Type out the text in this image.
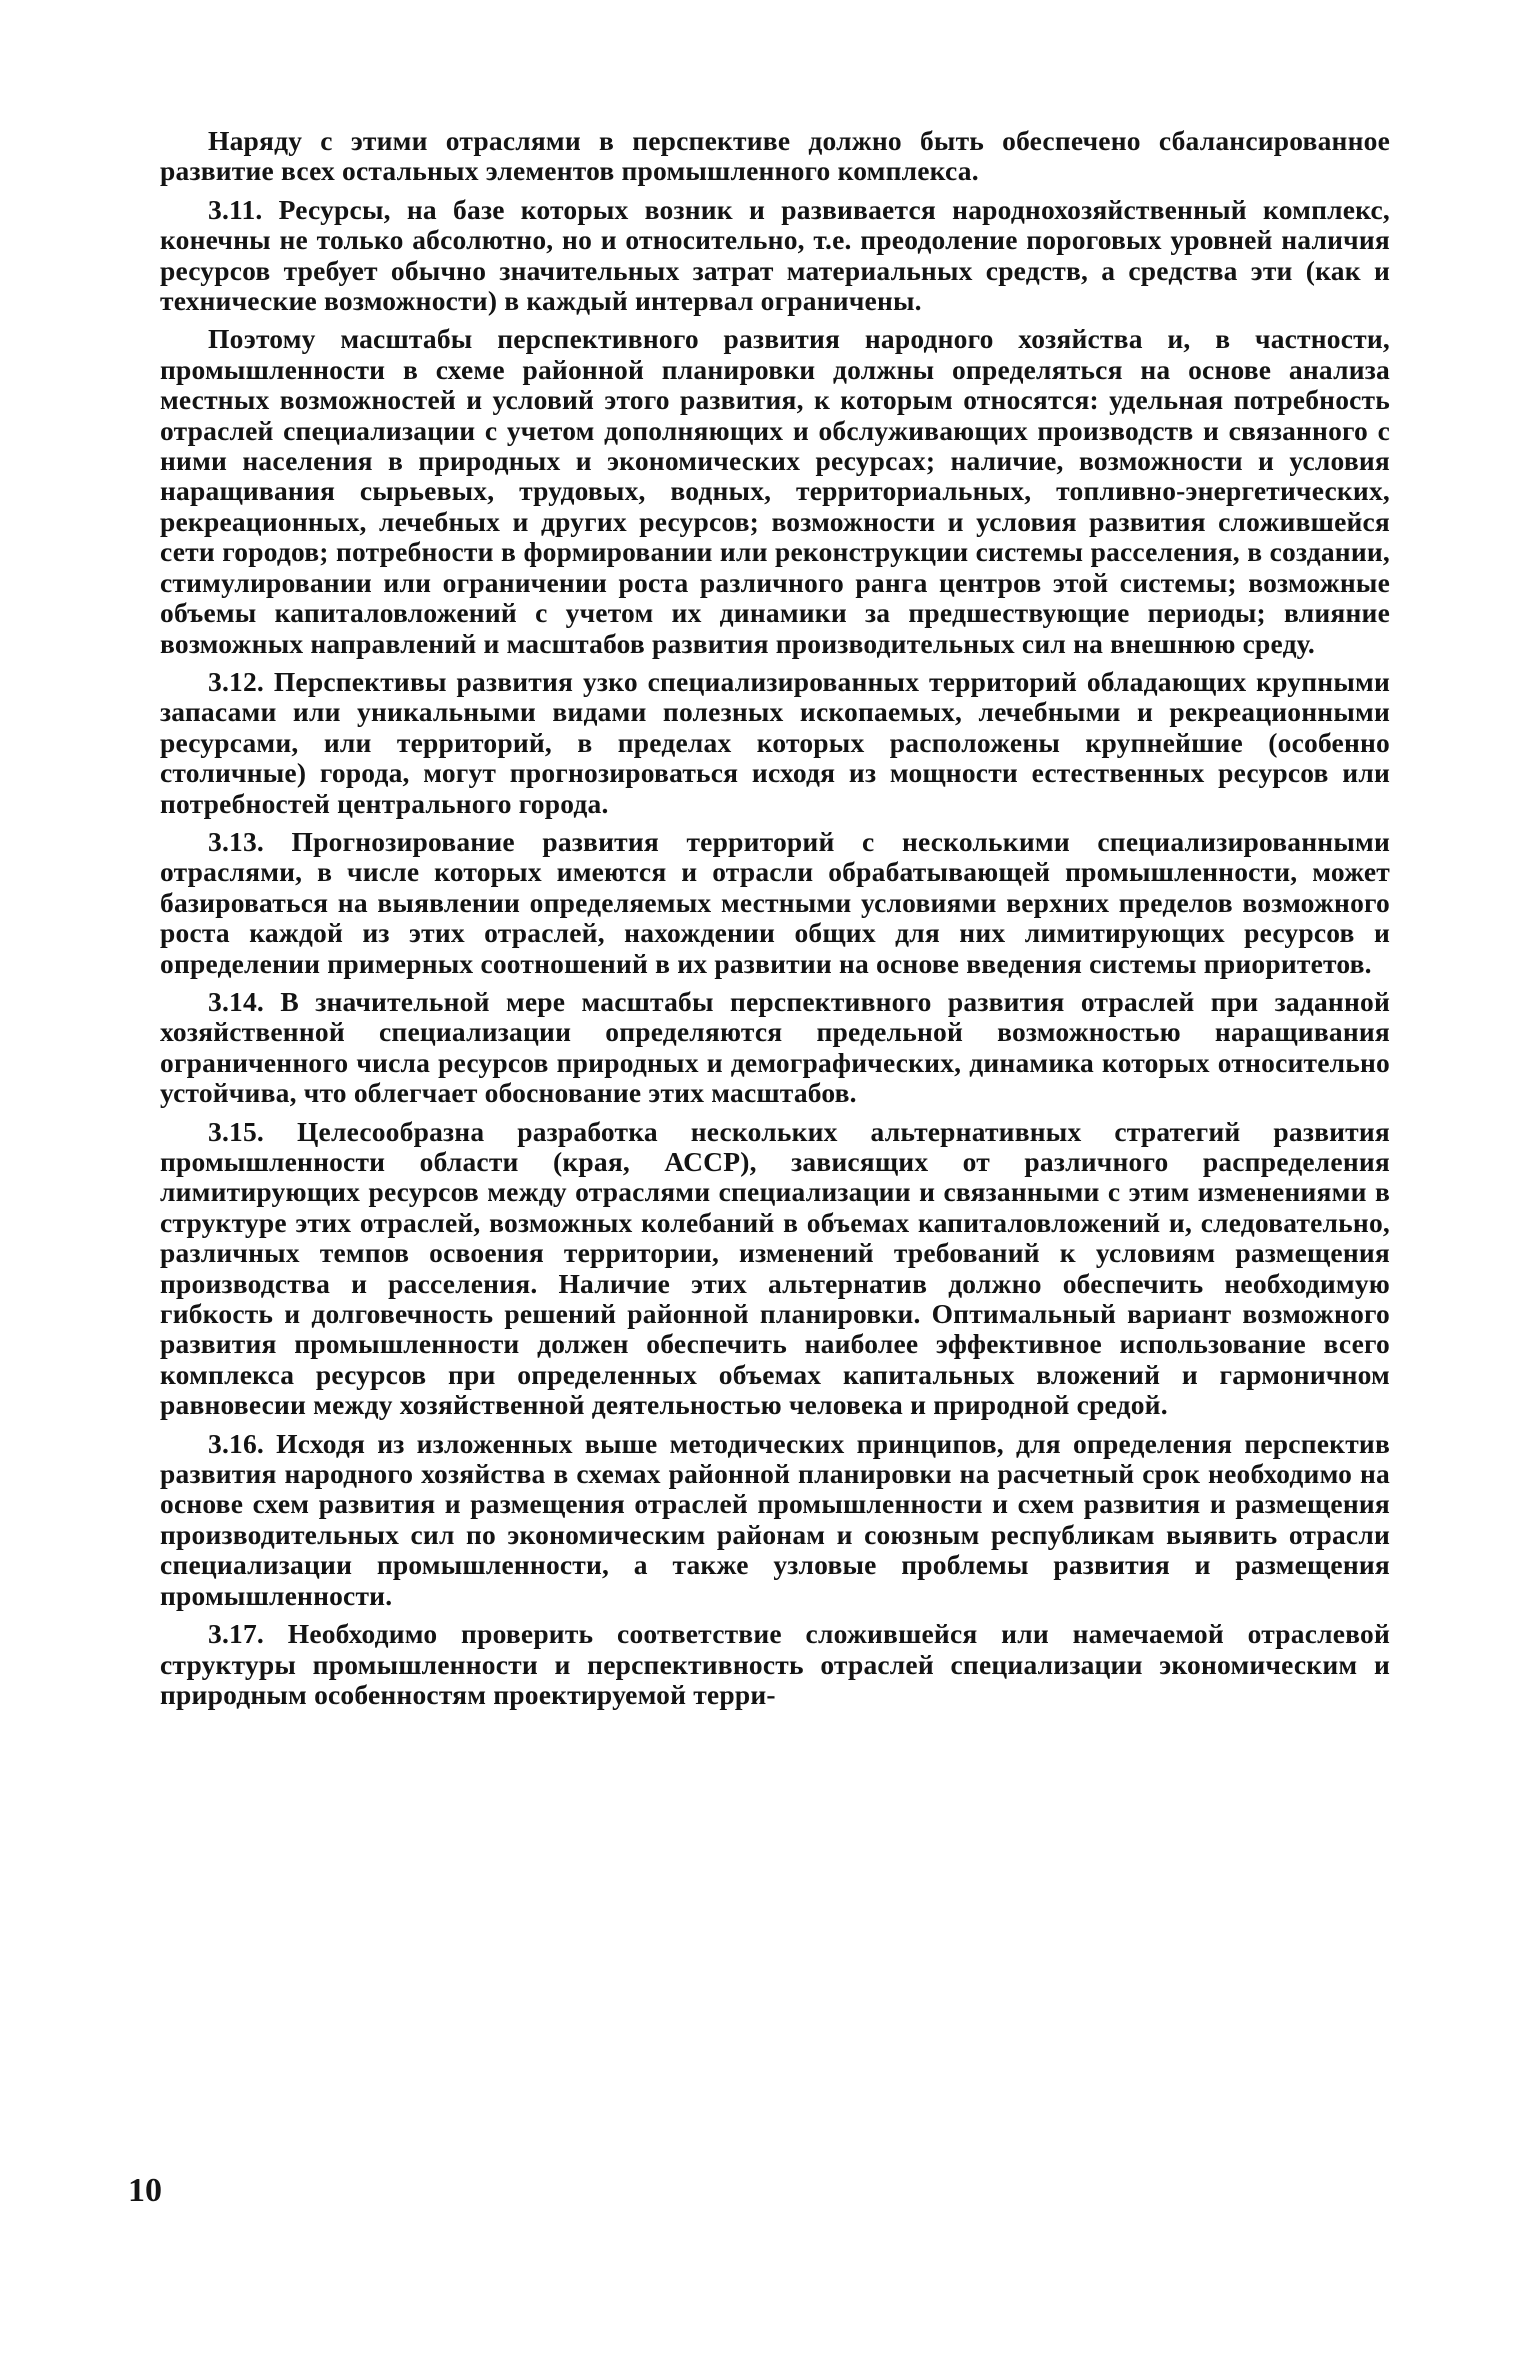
Наряду с этими отраслями в перспективе должно быть обеспечено сбалансированное развитие всех остальных элементов промышленного комплекса.

3.11. Ресурсы, на базе которых возник и развивается народнохозяйственный комплекс, конечны не только абсолютно, но и относительно, т.е. преодоление пороговых уровней наличия ресурсов требует обычно значительных затрат материальных средств, а средства эти (как и технические возможности) в каждый интервал ограничены.

Поэтому масштабы перспективного развития народного хозяйства и, в частности, промышленности в схеме районной планировки должны определяться на основе анализа местных возможностей и условий этого развития, к которым относятся: удельная потребность отраслей специализации с учетом дополняющих и обслуживающих производств и связанного с ними населения в природных и экономических ресурсах; наличие, возможности и условия наращивания сырьевых, трудовых, водных, территориальных, топливно-энергетических, рекреационных, лечебных и других ресурсов; возможности и условия развития сложившейся сети городов; потребности в формировании или реконструкции системы расселения, в создании, стимулировании или ограничении роста различного ранга центров этой системы; возможные объемы капиталовложений с учетом их динамики за предшествующие периоды; влияние возможных направлений и масштабов развития производительных сил на внешнюю среду.

3.12. Перспективы развития узко специализированных территорий обладающих крупными запасами или уникальными видами полезных ископаемых, лечебными и рекреационными ресурсами, или территорий, в пределах которых расположены крупнейшие (особенно столичные) города, могут прогнозироваться исходя из мощности естественных ресурсов или потребностей центрального города.

3.13. Прогнозирование развития территорий с несколькими специализированными отраслями, в числе которых имеются и отрасли обрабатывающей промышленности, может базироваться на выявлении определяемых местными условиями верхних пределов возможного роста каждой из этих отраслей, нахождении общих для них лимитирующих ресурсов и определении примерных соотношений в их развитии на основе введения системы приоритетов.

3.14. В значительной мере масштабы перспективного развития отраслей при заданной хозяйственной специализации определяются предельной возможностью наращивания ограниченного числа ресурсов природных и демографических, динамика которых относительно устойчива, что облегчает обоснование этих масштабов.

3.15. Целесообразна разработка нескольких альтернативных стратегий развития промышленности области (края, АССР), зависящих от различного распределения лимитирующих ресурсов между отраслями специализации и связанными с этим изменениями в структуре этих отраслей, возможных колебаний в объемах капиталовложений и, следовательно, различных темпов освоения территории, изменений требований к условиям размещения производства и расселения. Наличие этих альтернатив должно обеспечить необходимую гибкость и долговечность решений районной планировки. Оптимальный вариант возможного развития промышленности должен обеспечить наиболее эффективное использование всего комплекса ресурсов при определенных объемах капитальных вложений и гармоничном равновесии между хозяйственной деятельностью человека и природной средой.

3.16. Исходя из изложенных выше методических принципов, для определения перспектив развития народного хозяйства в схемах районной планировки на расчетный срок необходимо на основе схем развития и размещения отраслей промышленности и схем развития и размещения производительных сил по экономическим районам и союзным республикам выявить отрасли специализации промышленности, а также узловые проблемы развития и размещения промышленности.

3.17. Необходимо проверить соответствие сложившейся или намечаемой отраслевой структуры промышленности и перспективность отраслей специализации экономическим и природным особенностям проектируемой терри-

10
